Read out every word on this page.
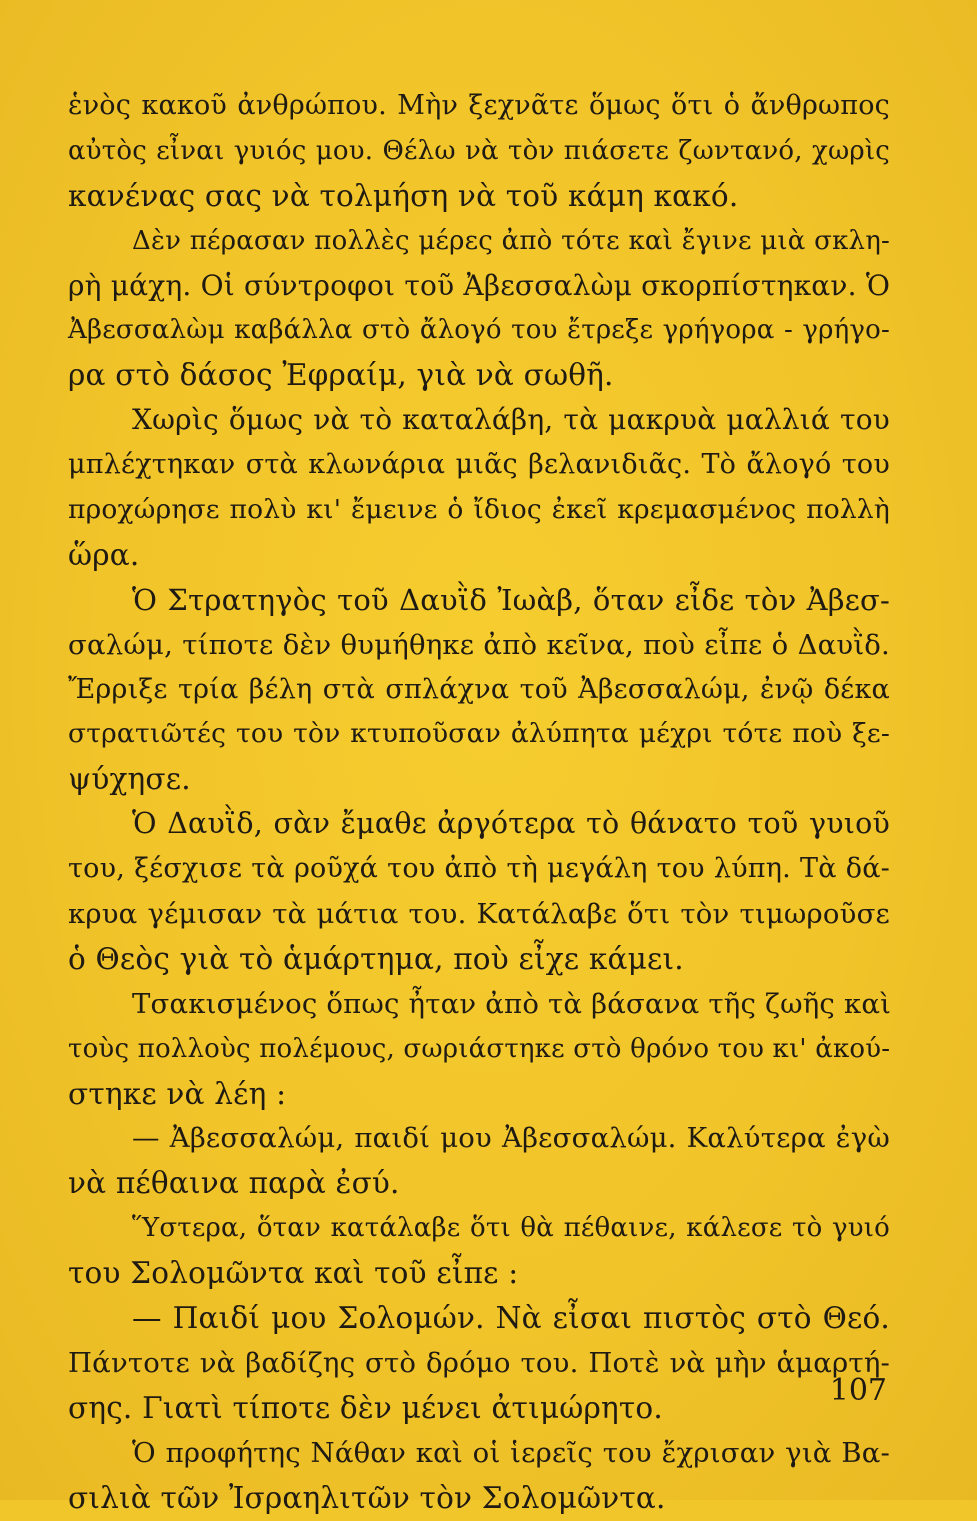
ἑνὸς κακοῦ ἀνθρώπου. Μὴν ξεχνᾶτε ὅμως ὅτι ὁ ἄνθρωπος
αὐτὸς εἶναι γυιός μου. Θέλω νὰ τὸν πιάσετε ζωντανό, χωρὶς
κανένας σας νὰ τολμήση νὰ τοῦ κάμη κακό.
Δὲν πέρασαν πολλὲς μέρες ἀπὸ τότε καὶ ἔγινε μιὰ σκλη-
ρὴ μάχη. Οἱ σύντροφοι τοῦ Ἀβεσσαλὼμ σκορπίστηκαν. Ὁ
Ἀβεσσαλὼμ καβάλλα στὸ ἄλογό του ἔτρεξε γρήγορα - γρήγο-
ρα στὸ δάσος Ἐφραίμ, γιὰ νὰ σωθῆ.
Χωρὶς ὅμως νὰ τὸ καταλάβη, τὰ μακρυὰ μαλλιά του
μπλέχτηκαν στὰ κλωνάρια μιᾶς βελανιδιᾶς. Τὸ ἄλογό του
προχώρησε πολὺ κι' ἔμεινε ὁ ἴδιος ἐκεῖ κρεμασμένος πολλὴ
ὥρα.
Ὁ Στρατηγὸς τοῦ Δαυῒδ Ἰωὰβ, ὅταν εἶδε τὸν Ἀβεσ-
σαλώμ, τίποτε δὲν θυμήθηκε ἀπὸ κεῖνα, ποὺ εἶπε ὁ Δαυῒδ.
Ἔρριξε τρία βέλη στὰ σπλάχνα τοῦ Ἀβεσσαλώμ, ἐνῷ δέκα
στρατιῶτές του τὸν κτυποῦσαν ἀλύπητα μέχρι τότε ποὺ ξε-
ψύχησε.
Ὁ Δαυῒδ, σὰν ἔμαθε ἀργότερα τὸ θάνατο τοῦ γυιοῦ
του, ξέσχισε τὰ ροῦχά του ἀπὸ τὴ μεγάλη του λύπη. Τὰ δά-
κρυα γέμισαν τὰ μάτια του. Κατάλαβε ὅτι τὸν τιμωροῦσε
ὁ Θεὸς γιὰ τὸ ἁμάρτημα, ποὺ εἶχε κάμει.
Τσακισμένος ὅπως ἦταν ἀπὸ τὰ βάσανα τῆς ζωῆς καὶ
τοὺς πολλοὺς πολέμους, σωριάστηκε στὸ θρόνο του κι' ἀκού-
στηκε νὰ λέη :
— Ἀβεσσαλώμ, παιδί μου Ἀβεσσαλώμ. Καλύτερα ἐγὼ
νὰ πέθαινα παρὰ ἐσύ.
Ὕστερα, ὅταν κατάλαβε ὅτι θὰ πέθαινε, κάλεσε τὸ γυιό
του Σολομῶντα καὶ τοῦ εἶπε :
— Παιδί μου Σολομών. Νὰ εἶσαι πιστὸς στὸ Θεό.
Πάντοτε νὰ βαδίζης στὸ δρόμο του. Ποτὲ νὰ μὴν ἁμαρτή-
σης. Γιατὶ τίποτε δὲν μένει ἀτιμώρητο.
Ὁ προφήτης Νάθαν καὶ οἱ ἱερεῖς του ἔχρισαν γιὰ Βα-
σιλιὰ τῶν Ἰσραηλιτῶν τὸν Σολομῶντα.
107
